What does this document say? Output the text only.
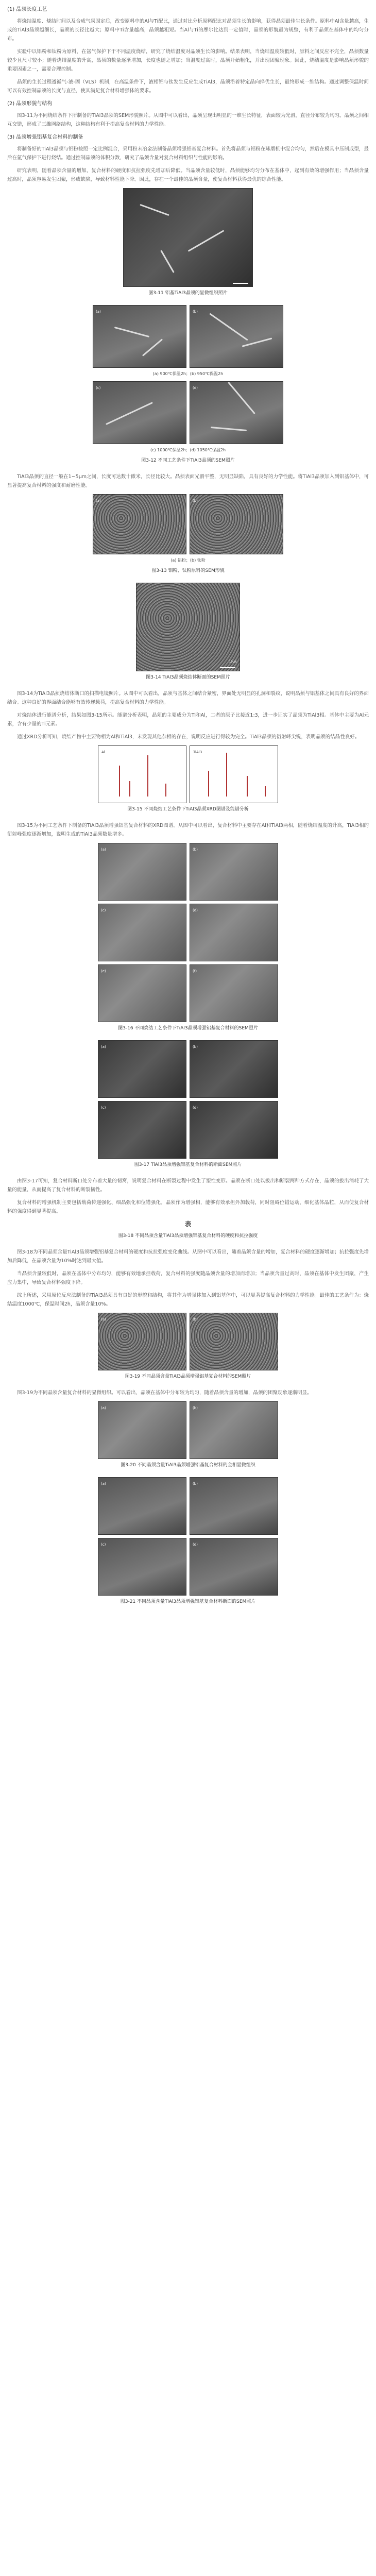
(1) 晶须长度工艺

将烧结温度、烧结时间以及合成气氛固定后，改变原料中的Al与Ti配比，通过对比分析原料配比对晶须生长的影响，获得晶须最佳生长条件。原料中Al含量越高，生成的TiAl3晶须越细长，晶须的长径比越大；原料中Ti含量越高，晶须越粗短。当Al与Ti的摩尔比达到一定值时，晶须的形貌最为规整，有利于晶须在基体中的均匀分布。

实验中以铝粉和钛粉为原料，在氩气保护下于不同温度烧结，研究了烧结温度对晶须生长的影响。结果表明，当烧结温度较低时，原料之间反应不完全，晶须数量较少且尺寸较小；随着烧结温度的升高，晶须的数量逐渐增加，长度也随之增加；当温度过高时，晶须开始粗化，并出现团聚现象。因此，烧结温度是影响晶须形貌的重要因素之一，需要合理控制。

晶须的生长过程遵循气-液-固（VLS）机制，在高温条件下，液相铝与钛发生反应生成TiAl3，晶须沿着特定晶向择优生长，最终形成一维结构。通过调整保温时间可以有效控制晶须的长度与直径，使其满足复合材料增强体的要求。

(2) 晶须形貌与结构

图3-11为不同烧结条件下所制备的TiAl3晶须的SEM形貌照片。从图中可以看出，晶须呈现出明显的一维生长特征，表面较为光滑，直径分布较为均匀。晶须之间相互交错，形成了三维网络结构，这种结构有利于提高复合材料的力学性能。

(3) 晶须增强铝基复合材料的制备

将制备好的TiAl3晶须与铝粉按照一定比例混合，采用粉末冶金法制备晶须增强铝基复合材料。首先将晶须与铝粉在球磨机中混合均匀，然后在模具中压制成型，最后在氩气保护下进行烧结。通过控制晶须的体积分数，研究了晶须含量对复合材料组织与性能的影响。

研究表明，随着晶须含量的增加，复合材料的硬度和抗拉强度先增加后降低。当晶须含量较低时，晶须能够均匀分布在基体中，起到有效的增强作用；当晶须含量过高时，晶须容易发生团聚，形成缺陷，导致材料性能下降。因此，存在一个最佳的晶须含量，使复合材料获得最优的综合性能。

图3-11 铝基TiAl3晶须的显微组织照片
(a)	(b)
(a) 900℃保温2h；(b) 950℃保温2h
(c)	(d)
(c) 1000℃保温2h；(d) 1050℃保温2h
图3-12 不同工艺条件下TiAl3晶须的SEM照片

TiAl3晶须的直径一般在1~5μm之间，长度可达数十微米，长径比较大。晶须表面光滑平整，无明显缺陷，具有良好的力学性能。将TiAl3晶须加入到铝基体中，可显著提高复合材料的强度和耐磨性能。

(a)	(b)
(a) 铝粉；(b) 钛粉
图3-13 铝粉、钛粉原料的SEM形貌
10μm
图3-14 TiAl3晶须烧结体断面的SEM照片

图3-14为TiAl3晶须烧结体断口的扫描电镜照片。从图中可以看出，晶须与基体之间结合紧密，界面处无明显的孔洞和裂纹，说明晶须与铝基体之间具有良好的界面结合。这种良好的界面结合能够有效传递载荷，提高复合材料的力学性能。

对烧结体进行能谱分析，结果如图3-15所示。能谱分析表明，晶须的主要成分为Ti和Al，二者的原子比接近1:3，进一步证实了晶须为TiAl3相。基体中主要为Al元素，含有少量的Ti元素。

通过XRD分析可知，烧结产物中主要物相为Al和TiAl3，未发现其他杂相的存在，说明反应进行得较为完全。TiAl3晶须的衍射峰尖锐，表明晶须的结晶性良好。

Al	TiAl3
图3-15 不同烧结工艺条件下TiAl3晶须XRD图谱及能谱分析

图3-15为不同工艺条件下制备的TiAl3晶须增强铝基复合材料的XRD图谱。从图中可以看出，复合材料中主要存在Al和TiAl3两相，随着烧结温度的升高，TiAl3相的衍射峰强度逐渐增加，说明生成的TiAl3晶须数量增多。

(a)	(b)
(c)	(d)
(e)	(f)
图3-16 不同烧结工艺条件下TiAl3晶须增强铝基复合材料的SEM照片
(a)	(b)
(c)	(d)
图3-17 TiAl3晶须增强铝基复合材料的断面SEM照片

由图3-17可知，复合材料断口处分布着大量的韧窝，说明复合材料在断裂过程中发生了塑性变形。晶须在断口处以拔出和断裂两种方式存在，晶须的拔出消耗了大量的能量，从而提高了复合材料的断裂韧性。

复合材料的增强机制主要包括载荷传递强化、细晶强化和位错强化。晶须作为增强相，能够有效承担外加载荷，同时阻碍位错运动，细化基体晶粒，从而使复合材料的强度得到显著提高。

表
图3-18 不同晶须含量TiAl3晶须增强铝基复合材料的硬度和抗拉强度

图3-18为不同晶须含量TiAl3晶须增强铝基复合材料的硬度和抗拉强度变化曲线。从图中可以看出，随着晶须含量的增加，复合材料的硬度逐渐增加；抗拉强度先增加后降低，在晶须含量为10%时达到最大值。

当晶须含量较低时，晶须在基体中分布均匀，能够有效地承担载荷，复合材料的强度随晶须含量的增加而增加；当晶须含量过高时，晶须在基体中发生团聚，产生应力集中，导致复合材料强度下降。

综上所述，采用原位反应法制备的TiAl3晶须具有良好的形貌和结构，将其作为增强体加入到铝基体中，可以显著提高复合材料的力学性能。最佳的工艺条件为：烧结温度1000℃，保温时间2h，晶须含量10%。

(a)	(b)
图3-19 不同晶须含量TiAl3晶须增强铝基复合材料的SEM照片

图3-19为不同晶须含量复合材料的显微组织。可以看出，晶须在基体中分布较为均匀，随着晶须含量的增加，晶须的团聚现象逐渐明显。

(a)	(b)
图3-20 不同晶须含量TiAl3晶须增强铝基复合材料的金相显微组织
(a)	(b)
(c)	(d)
图3-21 不同晶须含量TiAl3晶须增强铝基复合材料断面的SEM照片
